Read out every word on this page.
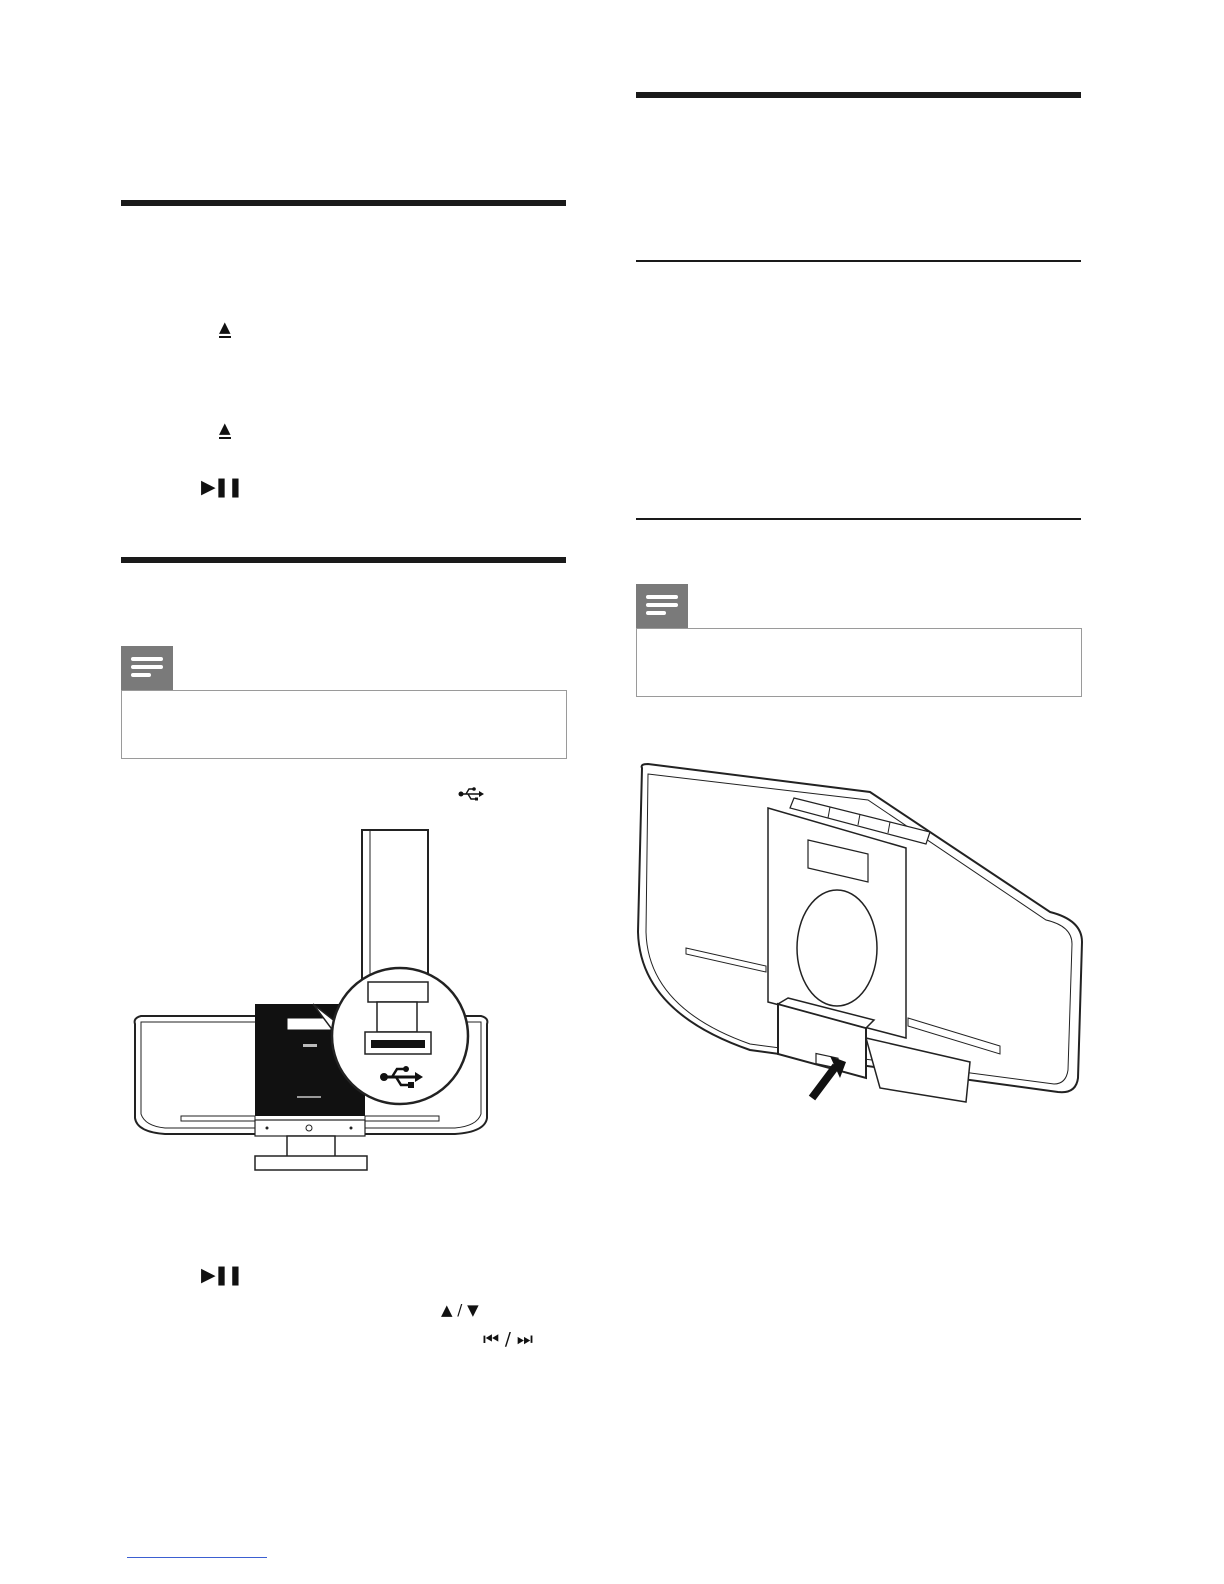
▲
▲
▶❚❚
▶❚❚
▲ / ▼
⏮ / ⏭
